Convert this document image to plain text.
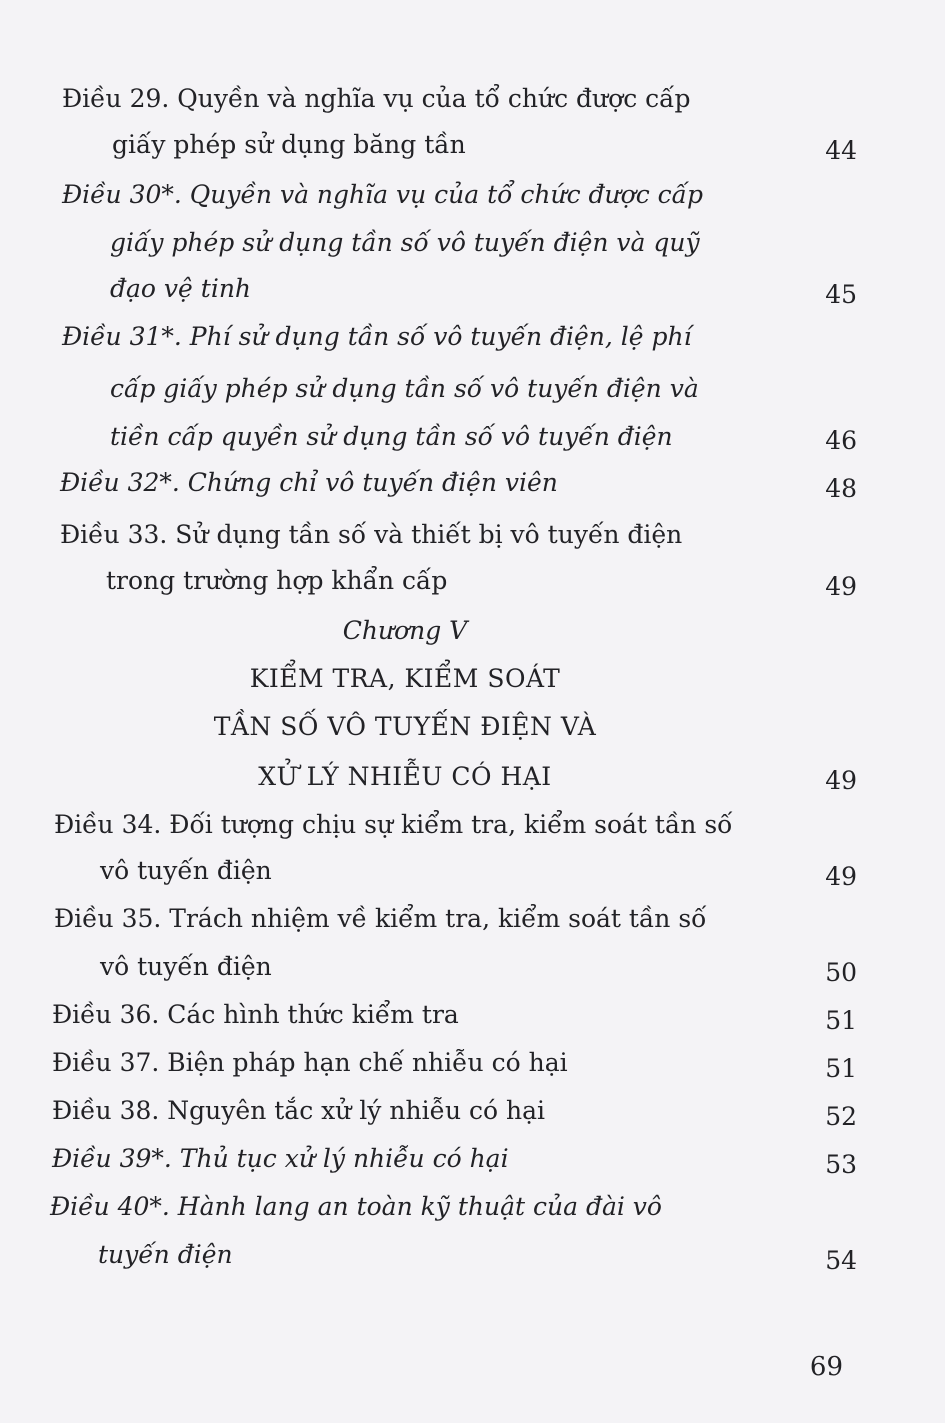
Điều 29. Quyền và nghĩa vụ của tổ chức được cấp
giấy phép sử dụng băng tần	44
Điều 30*. Quyền và nghĩa vụ của tổ chức được cấp
giấy phép sử dụng tần số vô tuyến điện và quỹ
đạo vệ tinh	45
Điều 31*. Phí sử dụng tần số vô tuyến điện, lệ phí
cấp giấy phép sử dụng tần số vô tuyến điện và
tiền cấp quyền sử dụng tần số vô tuyến điện	46
Điều 32*. Chứng chỉ vô tuyến điện viên	48
Điều 33. Sử dụng tần số và thiết bị vô tuyến điện
trong trường hợp khẩn cấp	49
Chương V
KIỂM TRA, KIỂM SOÁT
TẦN SỐ VÔ TUYẾN ĐIỆN VÀ
XỬ LÝ NHIỄU CÓ HẠI	49
Điều 34. Đối tượng chịu sự kiểm tra, kiểm soát tần số
vô tuyến điện	49
Điều 35. Trách nhiệm về kiểm tra, kiểm soát tần số
vô tuyến điện	50
Điều 36. Các hình thức kiểm tra	51
Điều 37. Biện pháp hạn chế nhiễu có hại	51
Điều 38. Nguyên tắc xử lý nhiễu có hại	52
Điều 39*. Thủ tục xử lý nhiễu có hại	53
Điều 40*. Hành lang an toàn kỹ thuật của đài vô
tuyến điện	54
69
